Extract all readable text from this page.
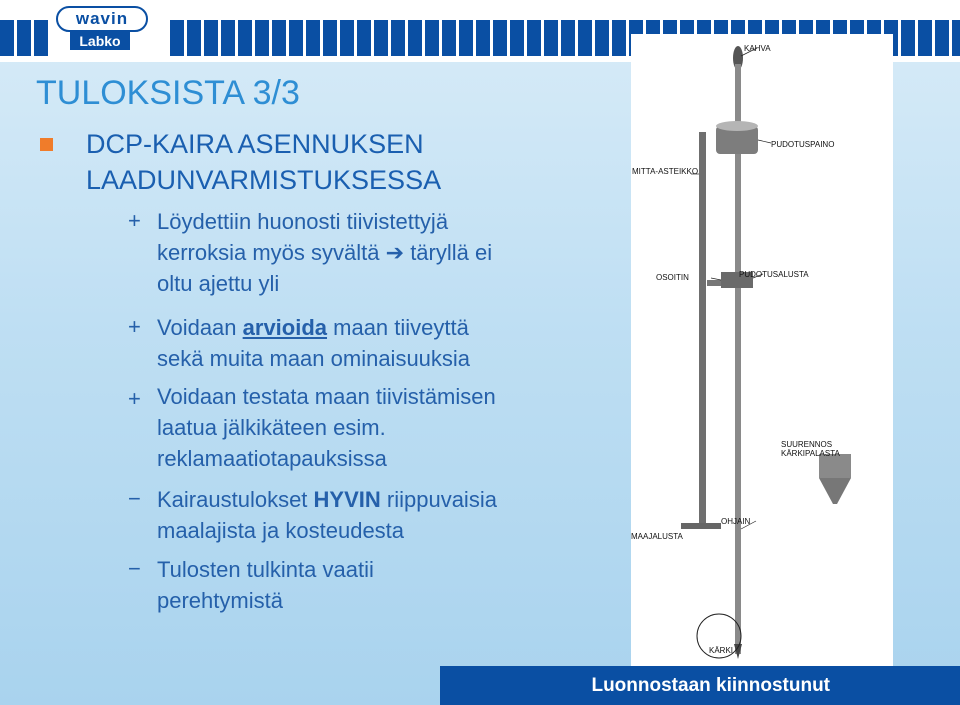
wavin
Labko
TULOKSISTA 3/3
DCP-KAIRA ASENNUKSEN
LAADUNVARMISTUKSESSA
+ Löydettiin huonosti tiivistettyjä
kerroksia myös syvältä ➔ täryllä ei
oltu ajettu yli
+ Voidaan arvioida maan tiiveyttä
sekä muita maan ominaisuuksia
+ Voidaan testata maan tiivistämisen
laatua jälkikäteen esim.
reklamaatiotapauksissa
− Kairaustulokset HYVIN riippuvaisia
maalajista ja kosteudesta
− Tulosten tulkinta vaatii
perehtymistä
KAHVA
PUDOTUSPAINO
MITTA-ASTEIKKO
OSOITIN	PUDOTUSALUSTA
SUURENNOS KÄRKIPALASTA
OHJAIN
MAAJALUSTA
KÄRKI
Luonnostaan kiinnostunut
